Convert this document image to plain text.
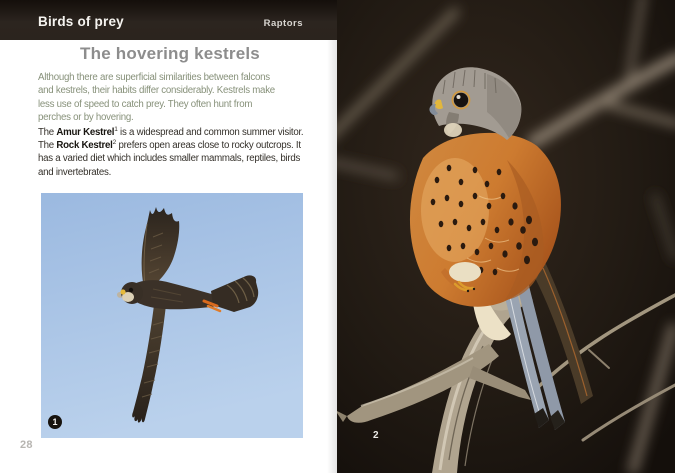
Birds of prey	Raptors
The hovering kestrels

Although there are superficial similarities between falcons
and kestrels, their habits differ considerably. Kestrels make
less use of speed to catch prey. They often hunt from
perches or by hovering.

The Amur Kestrel$^1$ is a widespread and common summer visitor.
The Rock Kestrel$^2$ prefers open areas close to rocky outcrops. It
has a varied diet which includes smaller mammals, reptiles, birds
and invertebrates.

1
28
2
